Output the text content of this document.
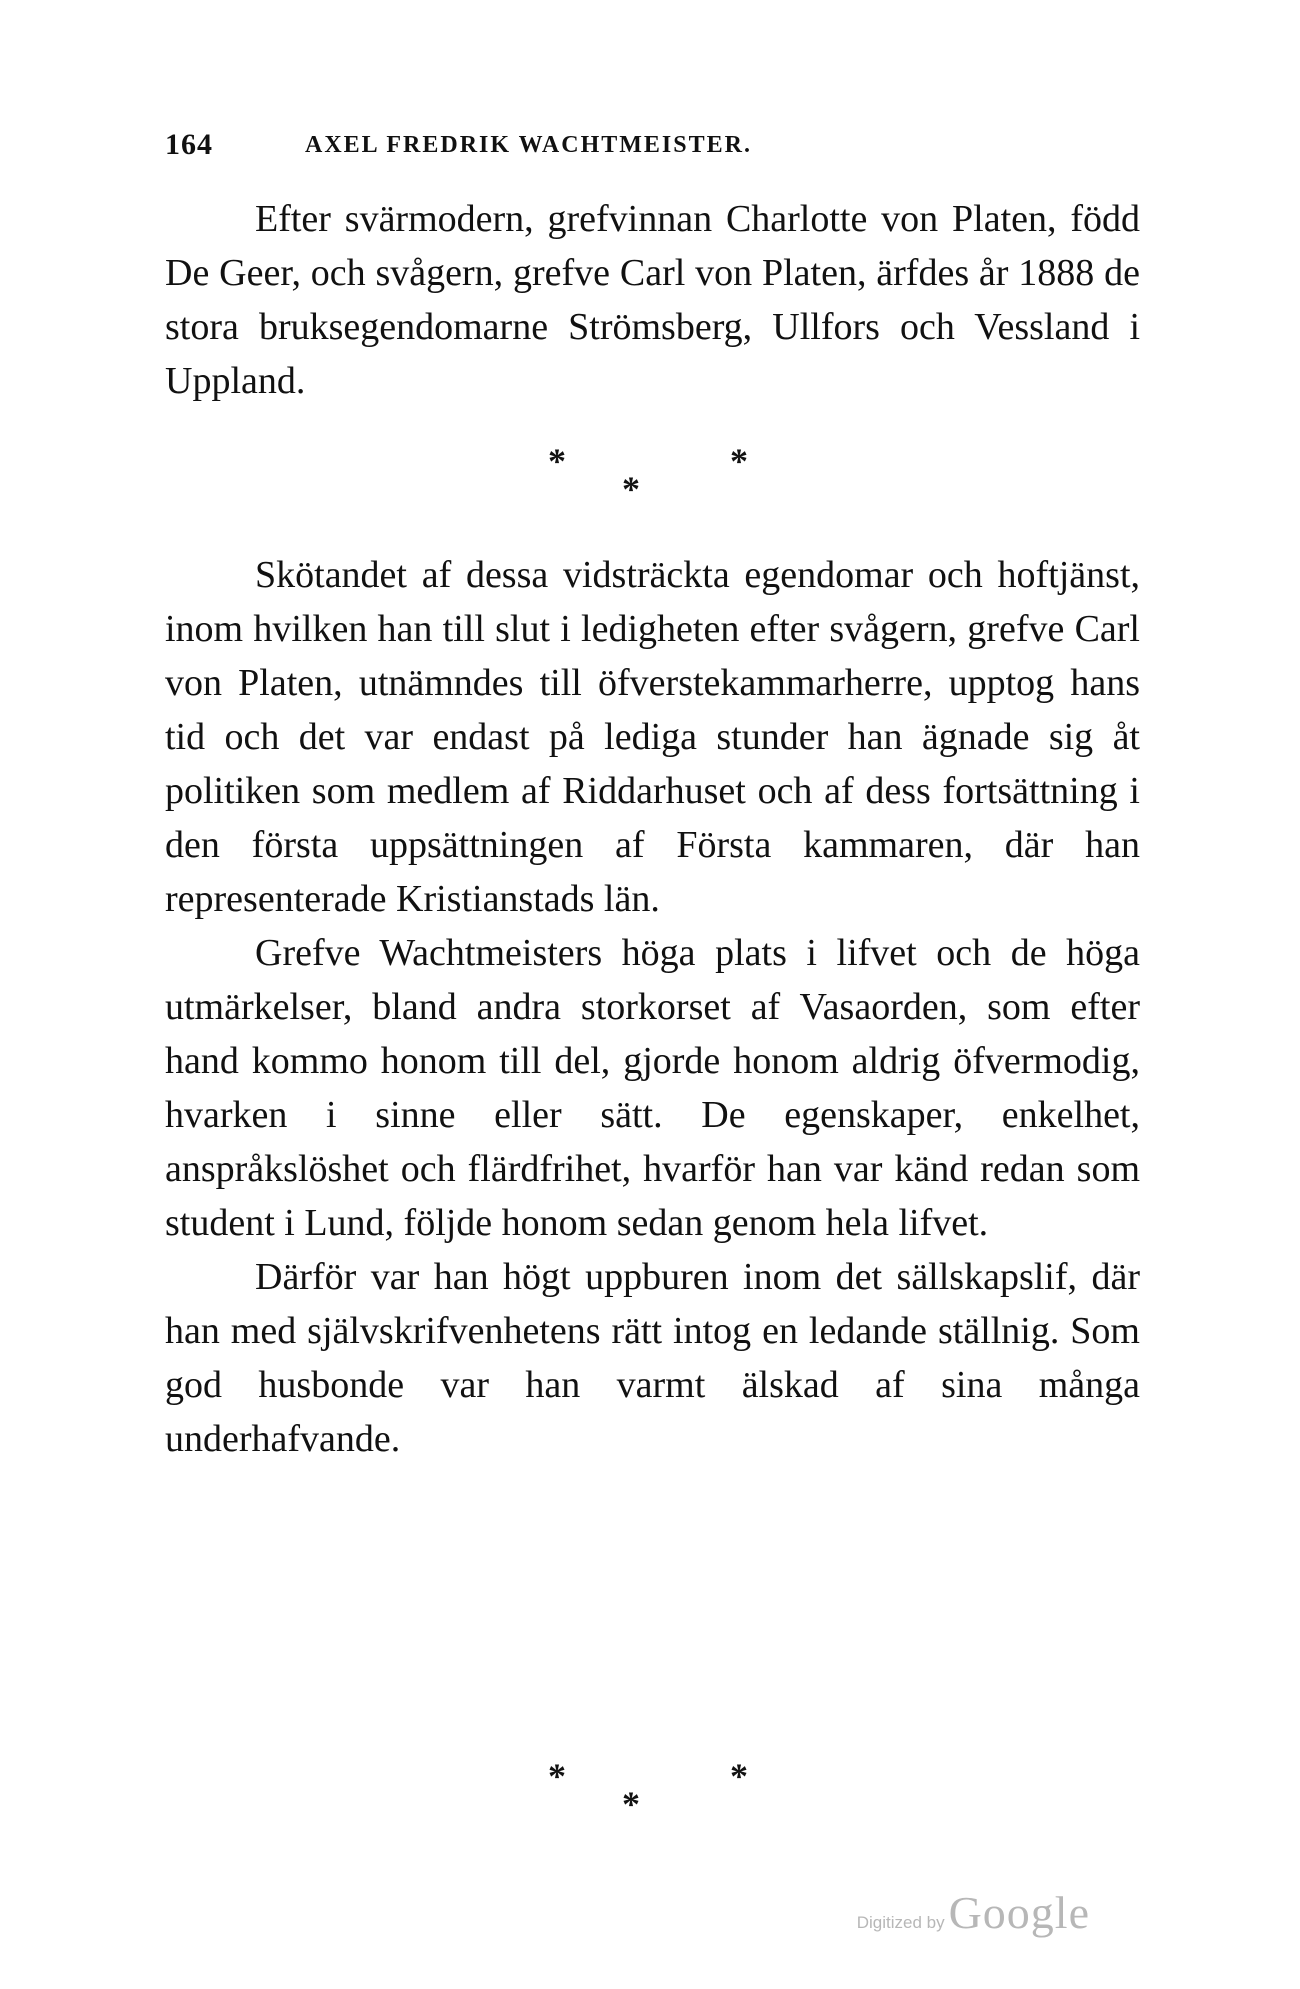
164	AXEL FREDRIK WACHTMEISTER.

Efter svärmodern, grefvinnan Charlotte von Platen, född De Geer, och svågern, grefve Carl von Platen, ärfdes år 1888 de stora bruksegendomarne Strömsberg, Ullfors och Vessland i Uppland.

*
*
*

Skötandet af dessa vidsträckta egendomar och hoftjänst, inom hvilken han till slut i ledigheten efter svågern, grefve Carl von Platen, utnämndes till öfverstekammarherre, upptog hans tid och det var endast på lediga stunder han ägnade sig åt politiken som medlem af Riddarhuset och af dess fortsättning i den första uppsättningen af Första kammaren, där han representerade Kristianstads län.

Grefve Wachtmeisters höga plats i lifvet och de höga utmärkelser, bland andra storkorset af Vasaorden, som efter hand kommo honom till del, gjorde honom aldrig öfvermodig, hvarken i sinne eller sätt. De egenskaper, enkelhet, anspråkslöshet och flärdfrihet, hvarför han var känd redan som student i Lund, följde honom sedan genom hela lifvet.

Därför var han högt uppburen inom det sällskapslif, där han med självskrifvenhetens rätt intog en ledande ställnig. Som god husbonde var han varmt älskad af sina många underhafvande.

*
*
*
Digitized byGoogle
